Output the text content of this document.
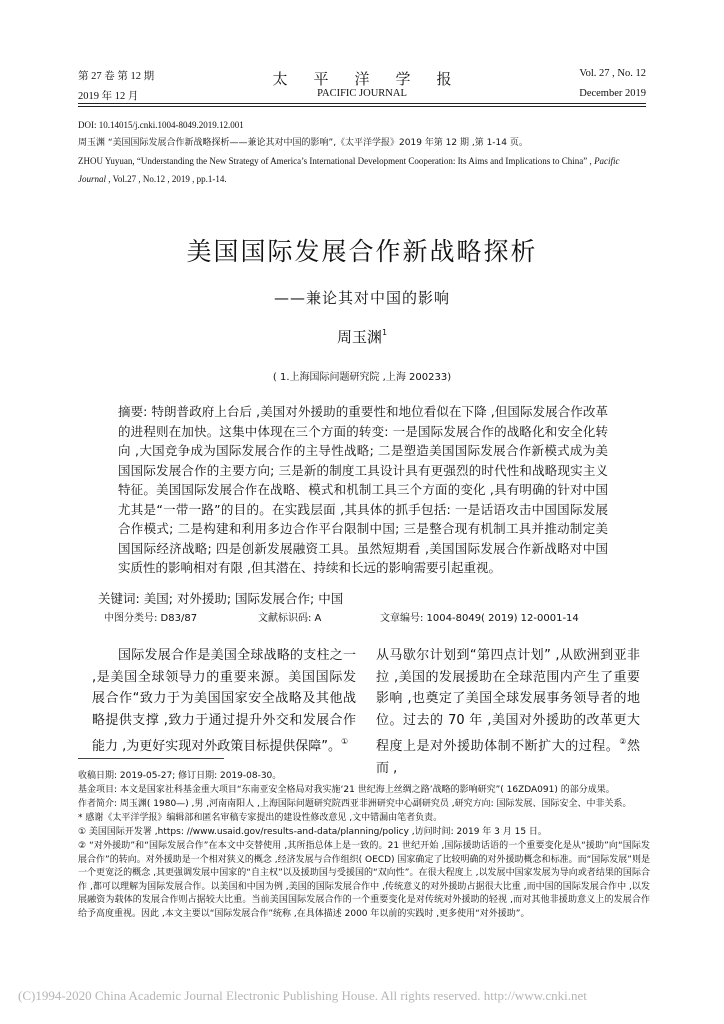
第 27 卷 第 12 期	太平洋学报	Vol. 27 , No. 12
2019 年 12 月	PACIFIC JOURNAL	December 2019
DOI: 10.14015/j.cnki.1004-8049.2019.12.001
周玉渊 “美国国际发展合作新战略探析——兼论其对中国的影响”,《太平洋学报》2019 年第 12 期 ,第 1-14 页。
ZHOU Yuyuan, “Understanding the New Strategy of America’s International Development Cooperation: Its Aims and Implications to China” , Pacific
Journal , Vol.27 , No.12 , 2019 , pp.1-14.
美国国际发展合作新战略探析
——兼论其对中国的影响
周玉渊$^1$
( 1.上海国际问题研究院 ,上海 200233)
摘要: 特朗普政府上台后 ,美国对外援助的重要性和地位看似在下降 ,但国际发展合作改革的进程则在加快。这集中体现在三个方面的转变: 一是国际发展合作的战略化和安全化转向 ,大国竞争成为国际发展合作的主导性战略; 二是塑造美国国际发展合作新模式成为美国国际发展合作的主要方向; 三是新的制度工具设计具有更强烈的时代性和战略现实主义特征。美国国际发展合作在战略、模式和机制工具三个方面的变化 ,具有明确的针对中国尤其是“一带一路”的目的。在实践层面 ,其具体的抓手包括: 一是话语攻击中国国际发展合作模式; 二是构建和利用多边合作平台限制中国; 三是整合现有机制工具并推动制定美国国际经济战略; 四是创新发展融资工具。虽然短期看 ,美国国际发展合作新战略对中国实质性的影响相对有限 ,但其潜在、持续和长远的影响需要引起重视。
关键词: 美国; 对外援助; 国际发展合作; 中国
中图分类号: D83/87	文献标识码: A	文章编号: 1004-8049( 2019) 12-0001-14
国际发展合作是美国全球战略的支柱之一 ,是美国全球领导力的重要来源。美国国际发展合作“致力于为美国国家安全战略及其他战略提供支撑 ,致力于通过提升外交和发展合作能力 ,为更好实现对外政策目标提供保障”。①
从马歇尔计划到“第四点计划” ,从欧洲到亚非拉 ,美国的发展援助在全球范围内产生了重要影响 ,也奠定了美国全球发展事务领导者的地位。过去的 70 年 ,美国对外援助的改革更大程度上是对外援助体制不断扩大的过程。②然而 ,
收稿日期: 2019-05-27; 修订日期: 2019-08-30。
基金项目: 本文是国家社科基金重大项目“东南亚安全格局对我实施‘21 世纪海上丝绸之路’战略的影响研究”( 16ZDA091) 的部分成果。
作者简介: 周玉渊( 1980—) ,男 ,河南南阳人 ,上海国际问题研究院西亚非洲研究中心副研究员 ,研究方向: 国际发展、国际安全、中非关系。
* 感谢《太平洋学报》编辑部和匿名审稿专家提出的建设性修改意见 ,文中错漏由笔者负责。
① 美国国际开发署 ,https: //www.usaid.gov/results-and-data/planning/policy ,访问时间: 2019 年 3 月 15 日。
② “对外援助”和“国际发展合作”在本文中交替使用 ,其所指总体上是一致的。21 世纪开始 ,国际援助话语的一个重要变化是从“援助”向“国际发展合作”的转向。对外援助是一个相对狭义的概念 ,经济发展与合作组织( OECD) 国家确定了比较明确的对外援助概念和标准。而“国际发展”则是一个更宽泛的概念 ,其更强调发展中国家的“自主权”以及援助国与受援国的“双向性”。在很大程度上 ,以发展中国家发展为导向或者结果的国际合作 ,都可以理解为国际发展合作。以美国和中国为例 ,美国的国际发展合作中 ,传统意义的对外援助占据很大比重 ,而中国的国际发展合作中 ,以发展融资为载体的发展合作则占据较大比重。当前美国国际发展合作的一个重要变化是对传统对外援助的轻视 ,而对其他非援助意义上的发展合作给予高度重视。因此 ,本文主要以“国际发展合作”统称 ,在具体描述 2000 年以前的实践时 ,更多使用“对外援助”。
(C)1994-2020 China Academic Journal Electronic Publishing House. All rights reserved. http://www.cnki.net
